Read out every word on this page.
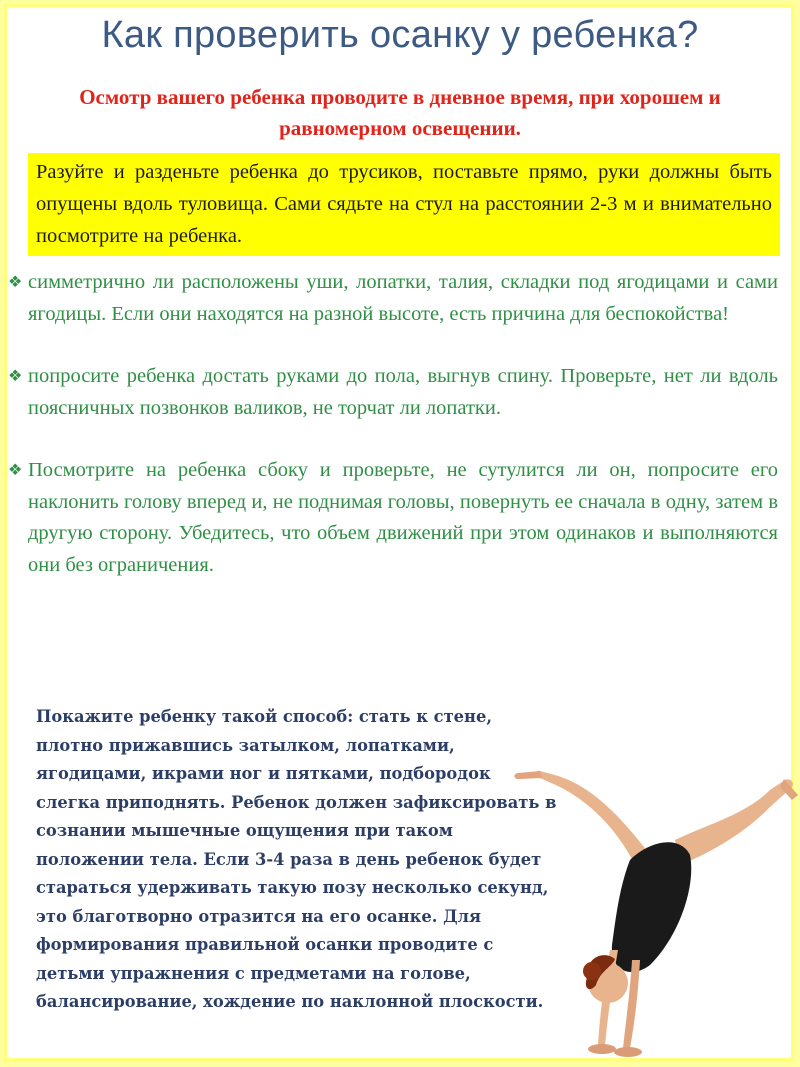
Как проверить осанку у ребенка?
Осмотр вашего ребенка проводите в дневное время, при хорошем и равномерном освещении.
Разуйте и разденьте ребенка до трусиков, поставьте прямо, руки должны быть опущены вдоль туловища. Сами сядьте на стул на расстоянии 2-3 м и внимательно посмотрите на ребенка.
❖ симметрично ли расположены уши, лопатки, талия, складки под ягодицами и сами ягодицы. Если они находятся на разной высоте, есть причина для беспокойства!
❖ попросите ребенка достать руками до пола, выгнув спину. Проверьте, нет ли вдоль поясничных позвонков валиков, не торчат ли лопатки.
❖ Посмотрите на ребенка сбоку и проверьте, не сутулится ли он, попросите его наклонить голову вперед и, не поднимая головы, повернуть ее сначала в одну, затем в другую сторону. Убедитесь, что объем движений при этом одинаков и выполняются они без ограничения.
Покажите ребенку такой способ: стать к стене,
плотно прижавшись затылком, лопатками,
ягодицами, икрами ног и пятками, подбородок
слегка приподнять. Ребенок должен зафиксировать в
сознании мышечные ощущения при таком
положении тела. Если 3-4 раза в день ребенок будет
стараться удерживать такую позу несколько секунд,
это благотворно отразится на его осанке. Для
формирования правильной осанки проводите с
детьми упражнения с предметами на голове,
балансирование, хождение по наклонной плоскости.
